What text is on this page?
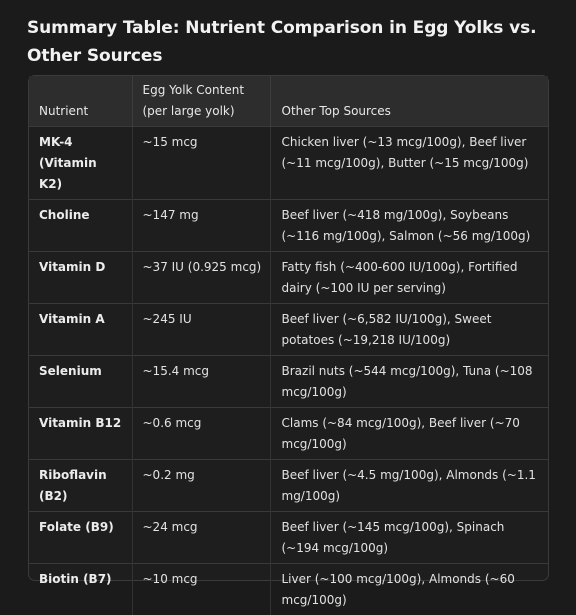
Summary Table: Nutrient Comparison in Egg Yolks vs. Other Sources
Nutrient	Egg Yolk Content (per large yolk)	Other Top Sources
MK-4 (Vitamin K2)	~15 mcg	Chicken liver (~13 mcg/100g), Beef liver (~11 mcg/100g), Butter (~15 mcg/100g)
Choline	~147 mg	Beef liver (~418 mg/100g), Soybeans (~116 mg/100g), Salmon (~56 mg/100g)
Vitamin D	~37 IU (0.925 mcg)	Fatty fish (~400-600 IU/100g), Fortified dairy (~100 IU per serving)
Vitamin A	~245 IU	Beef liver (~6,582 IU/100g), Sweet potatoes (~19,218 IU/100g)
Selenium	~15.4 mcg	Brazil nuts (~544 mcg/100g), Tuna (~108 mcg/100g)
Vitamin B12	~0.6 mcg	Clams (~84 mcg/100g), Beef liver (~70 mcg/100g)
Riboflavin (B2)	~0.2 mg	Beef liver (~4.5 mg/100g), Almonds (~1.1 mg/100g)
Folate (B9)	~24 mcg	Beef liver (~145 mcg/100g), Spinach (~194 mcg/100g)
Biotin (B7)	~10 mcg	Liver (~100 mcg/100g), Almonds (~60 mcg/100g)
